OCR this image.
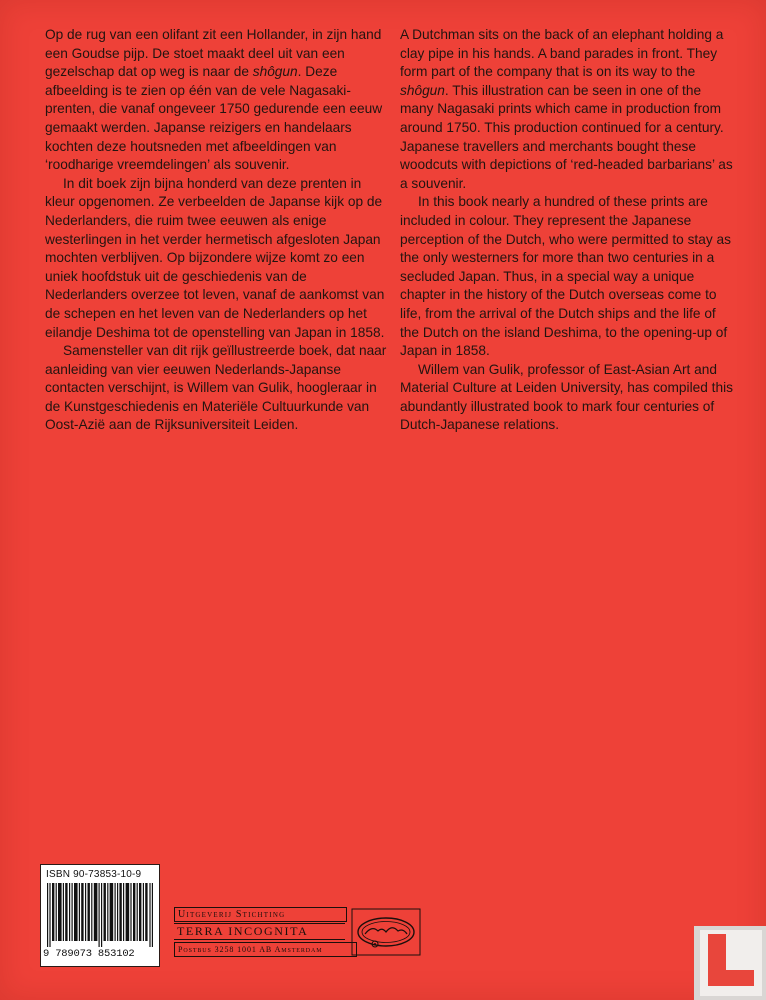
Op de rug van een olifant zit een Hollander, in zijn hand een Goudse pijp. De stoet maakt deel uit van een gezelschap dat op weg is naar de shôgun. Deze afbeelding is te zien op één van de vele Nagasaki-prenten, die vanaf ongeveer 1750 gedurende een eeuw gemaakt werden. Japanse reizigers en handelaars kochten deze houtsneden met afbeeldingen van ‘roodharige vreemdelingen’ als souvenir.

In dit boek zijn bijna honderd van deze prenten in kleur opgenomen. Ze verbeelden de Japanse kijk op de Nederlanders, die ruim twee eeuwen als enige westerlingen in het verder hermetisch afgesloten Japan mochten verblijven. Op bijzondere wijze komt zo een uniek hoofdstuk uit de geschiedenis van de Nederlanders overzee tot leven, vanaf de aankomst van de schepen en het leven van de Nederlanders op het eilandje Deshima tot de openstelling van Japan in 1858.

Samensteller van dit rijk geïllustreerde boek, dat naar aanleiding van vier eeuwen Nederlands-Japanse contacten verschijnt, is Willem van Gulik, hoogleraar in de Kunstgeschiedenis en Materiële Cultuurkunde van Oost-Azië aan de Rijksuniversiteit Leiden.

A Dutchman sits on the back of an elephant holding a clay pipe in his hands. A band parades in front. They form part of the company that is on its way to the shôgun. This illustration can be seen in one of the many Nagasaki prints which came in production from around 1750. This production continued for a century. Japanese travellers and merchants bought these woodcuts with depictions of ‘red-headed barbarians’ as a souvenir.

In this book nearly a hundred of these prints are included in colour. They represent the Japanese perception of the Dutch, who were permitted to stay as the only westerners for more than two centuries in a secluded Japan. Thus, in a special way a unique chapter in the history of the Dutch overseas come to life, from the arrival of the Dutch ships and the life of the Dutch on the island Deshima, to the opening-up of Japan in 1858.

Willem van Gulik, professor of East-Asian Art and Material Culture at Leiden University, has compiled this abundantly illustrated book to mark four centuries of Dutch-Japanese relations.

ISBN 90-73853-10-9
9 789073 853102
Uitgeverij Stichting
TERRA INCOGNITA
Postbus 3258 1001 AB Amsterdam
